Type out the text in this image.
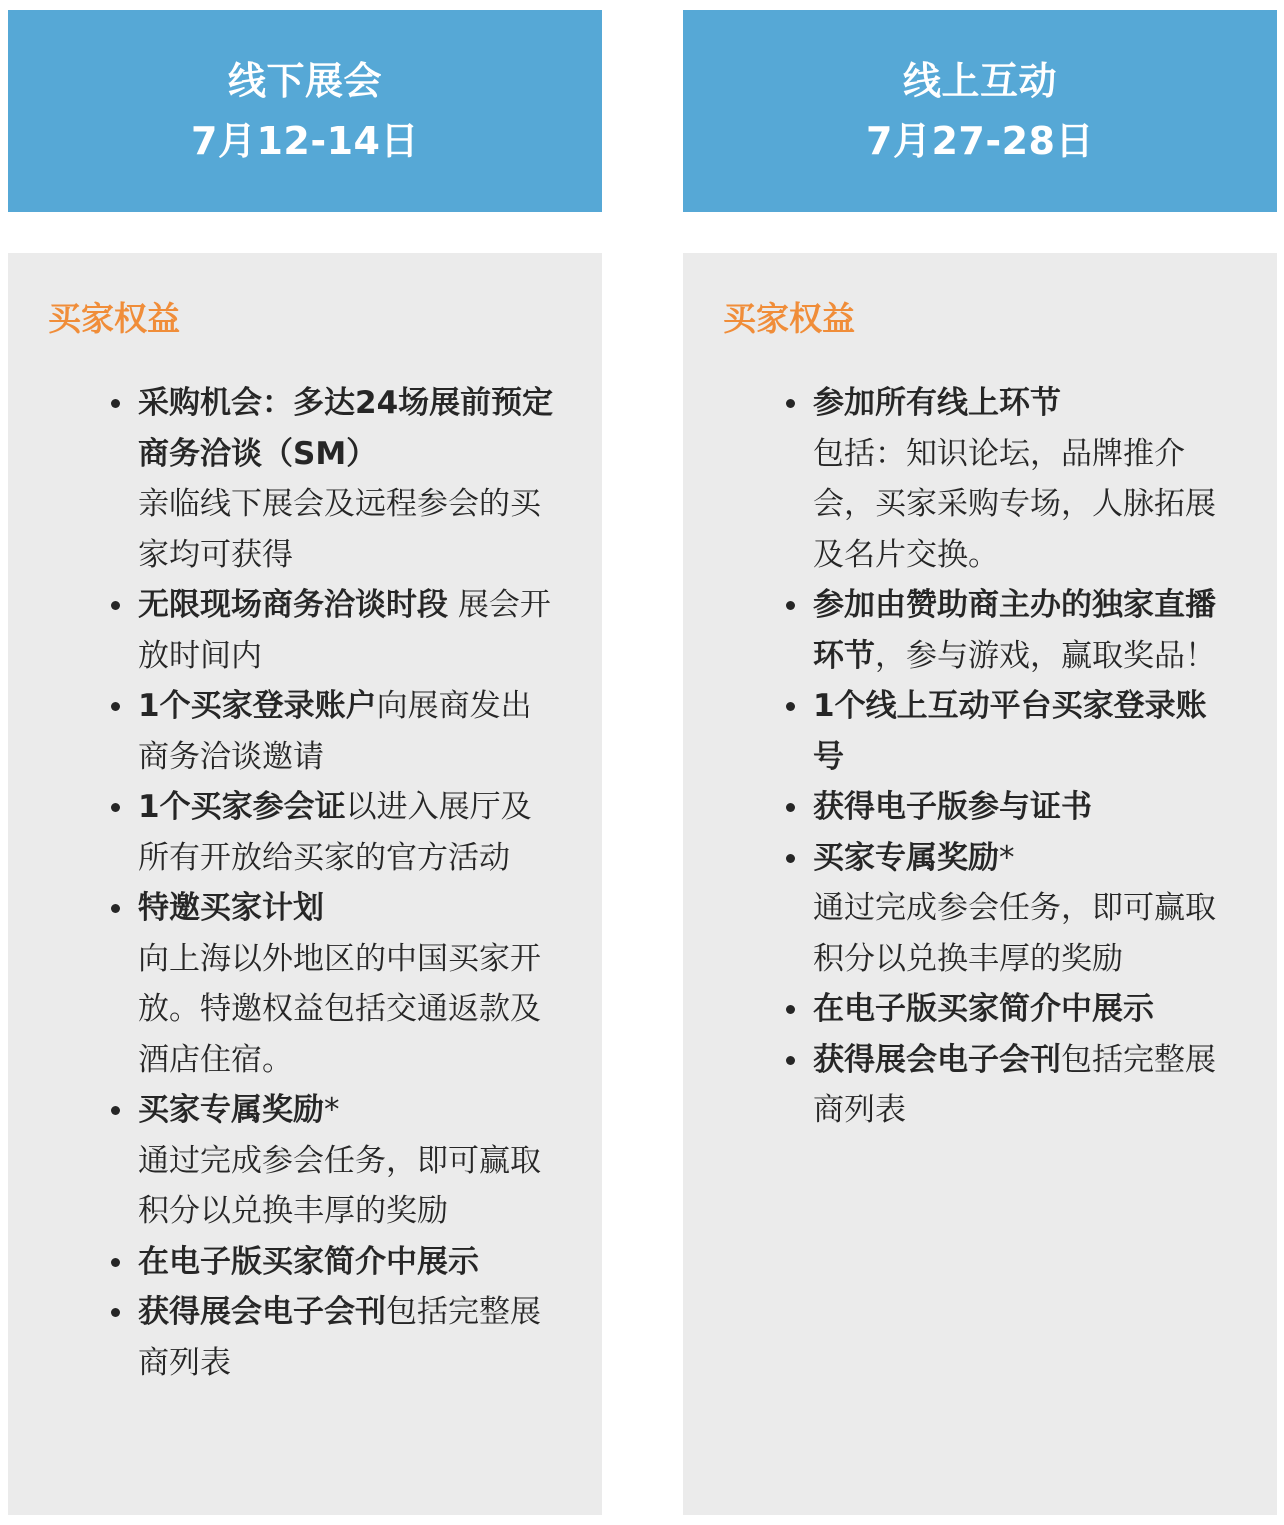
线下展会
7月12-14日
买家权益
采购机会：多达24场展前预定商务洽谈（SM）
亲临线下展会及远程参会的买家均可获得
无限现场商务洽谈时段 展会开放时间内
1个买家登录账户向展商发出商务洽谈邀请
1个买家参会证以进入展厅及所有开放给买家的官方活动
特邀买家计划
向上海以外地区的中国买家开放。特邀权益包括交通返款及酒店住宿。
买家专属奖励*
通过完成参会任务，即可赢取积分以兑换丰厚的奖励
在电子版买家简介中展示
获得展会电子会刊包括完整展商列表
线上互动
7月27-28日
买家权益
参加所有线上环节
包括：知识论坛，品牌推介会，买家采购专场，人脉拓展及名片交换。
参加由赞助商主办的独家直播环节，参与游戏，赢取奖品！
1个线上互动平台买家登录账号
获得电子版参与证书
买家专属奖励*
通过完成参会任务，即可赢取积分以兑换丰厚的奖励
在电子版买家简介中展示
获得展会电子会刊包括完整展商列表
